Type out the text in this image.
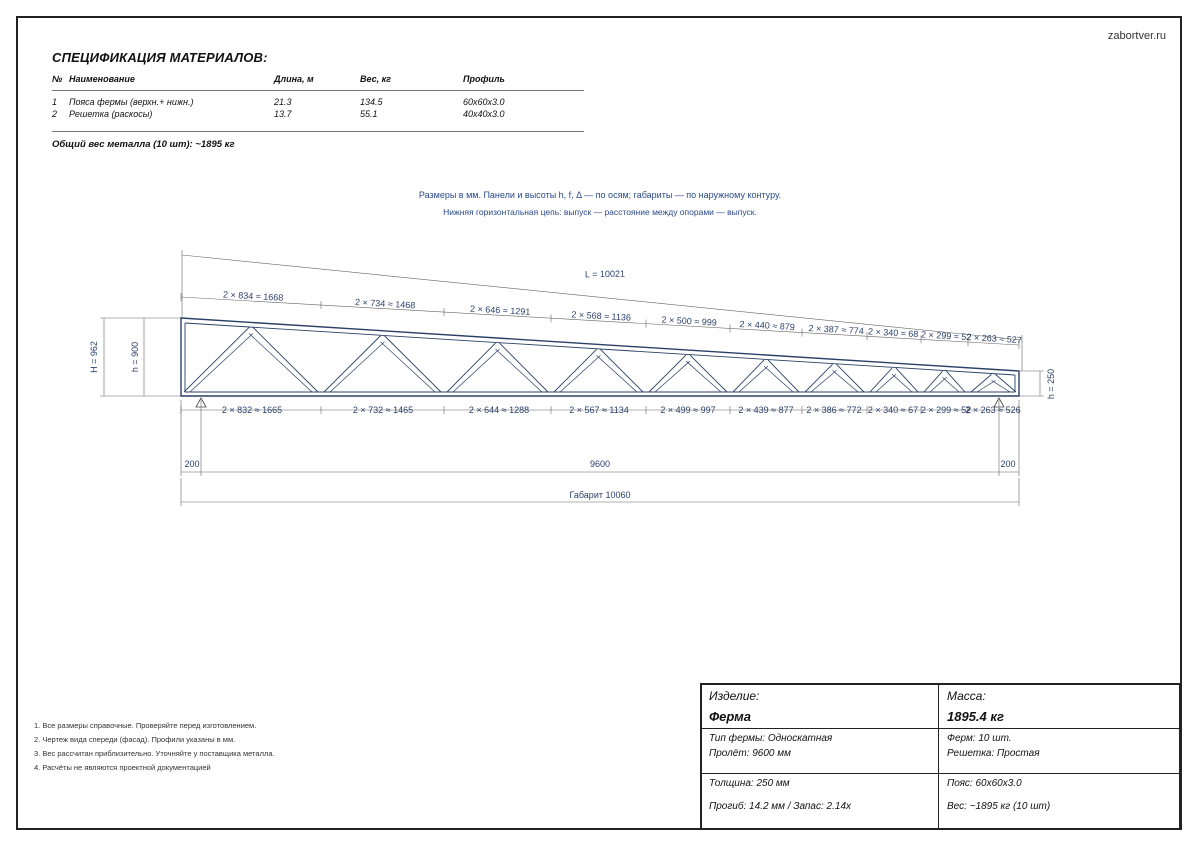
zabortver.ru
СПЕЦИФИКАЦИЯ МАТЕРИАЛОВ:
№	Наименование	Длина, м	Вес, кг	Профиль
1	Пояса фермы (верхн.+ нижн.)	21.3	134.5	60x60x3.0
2	Решетка (раскосы)	13.7	55.1	40x40x3.0
Общий вес металла (10 шт): ~1895 кг
Размеры в мм. Панели и высоты h, f, Δ — по осям; габариты — по наружному контуру.
Нижняя горизонтальная цепь: выпуск — расстояние между опорами — выпуск.
L = 10021
2 × 834 ≈ 1668
2 × 734 ≈ 1468	2 × 646 ≈ 1291	2 × 568 ≈ 1136	2 × 500 ≈ 999 2 × 440 ≈ 879 2 × 387 ≈ 774 2 × 340 ≈ 68 2 × 299 ≈ 52
2 × 263 ≈ 527
2 × 832 ≈ 1665	2 × 732 ≈ 1465	2 × 644 ≈ 1288	2 × 567 ≈ 1134	2 × 499 ≈ 997	2 × 439 ≈ 877 2 × 386 ≈ 772 2 × 340 ≈ 67 2 × 299 ≈ 52
2 × 263 ≈ 526
H = 962	h = 900
h = 250
200	9600	200
Габарит 10060
1. Все размеры справочные. Проверяйте перед изготовлением.
2. Чертеж вида спереди (фасад). Профили указаны в мм.
3. Вес рассчитан приблизительно. Уточняйте у поставщика металла.
4. Расчёты не являются проектной документацией
Изделие:
Ферма
Масса:
1895.4 кг
Тип фермы: Односкатная
Пролёт: 9600 мм
Ферм: 10 шт.
Решетка: Простая
Толщина: 250 мм	Пояс: 60x60x3.0
Прогиб: 14.2 мм / Запас: 2.14x	Вес: ~1895 кг (10 шт)
